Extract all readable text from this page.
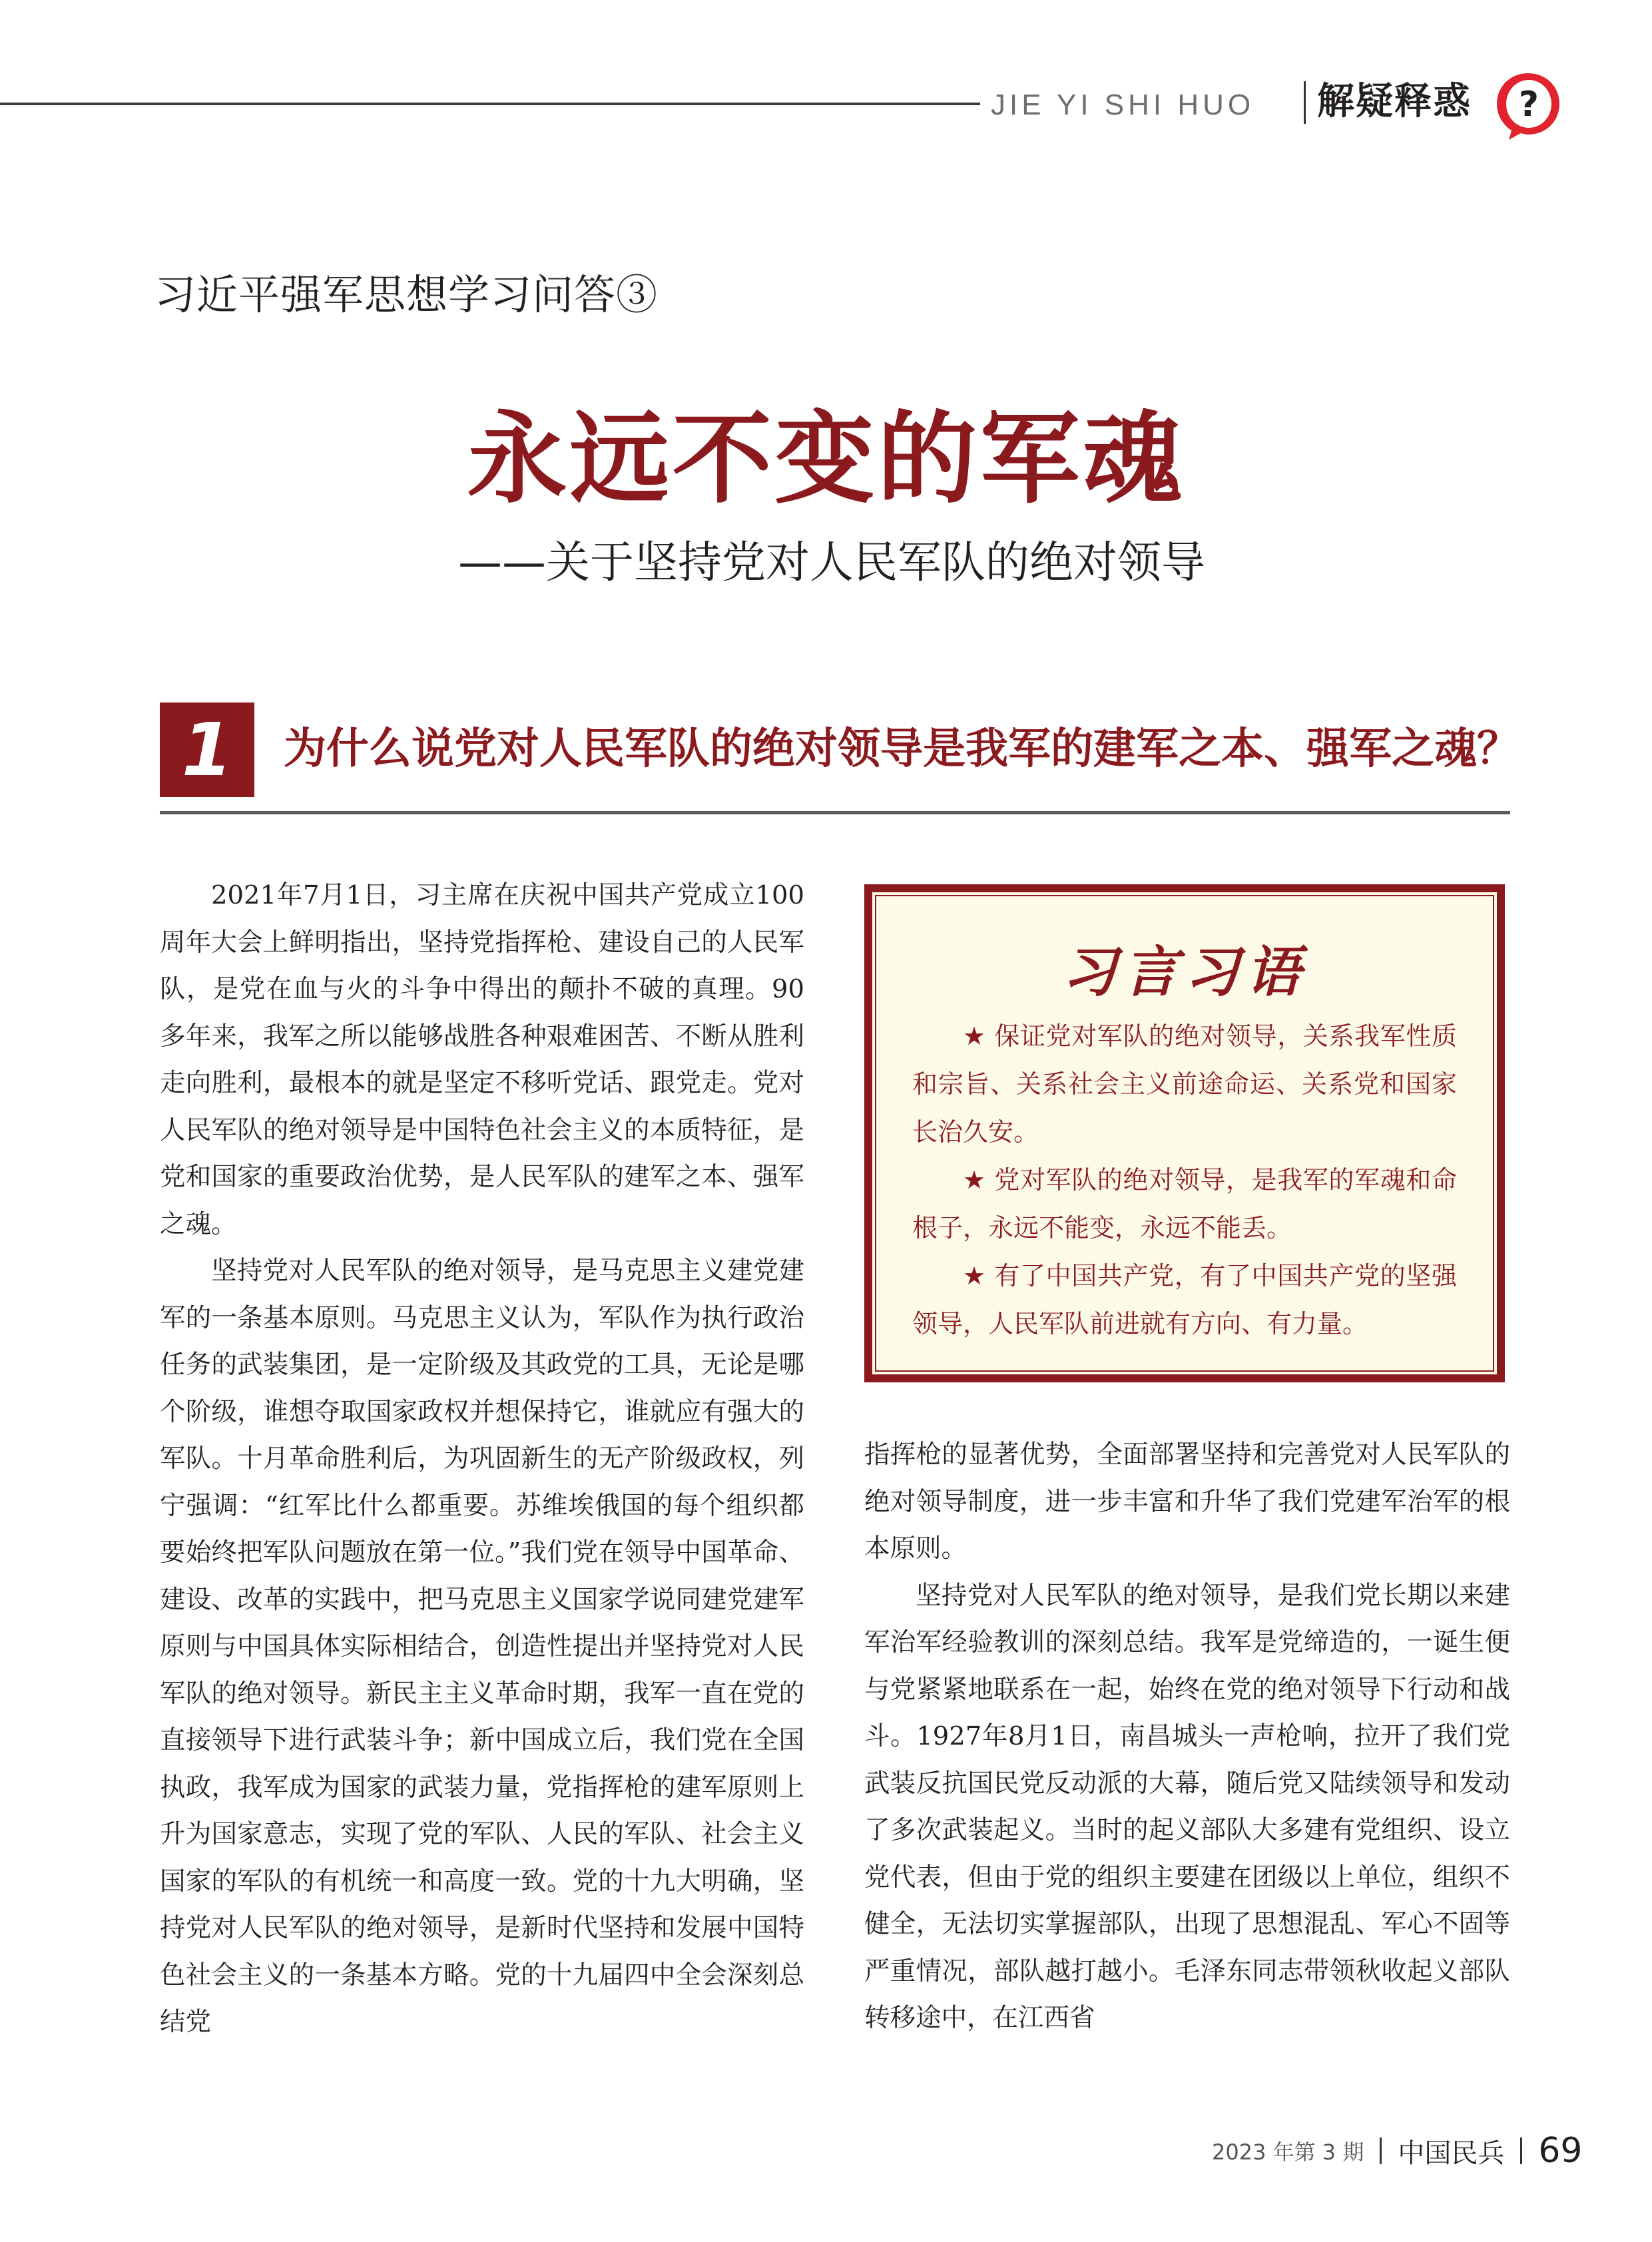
JIE YI SHI HUO 解疑释惑 ?
习近平强军思想学习问答③
永远不变的军魂
——关于坚持党对人民军队的绝对领导
1	为什么说党对人民军队的绝对领导是我军的建军之本、强军之魂？

2021年7月1日，习主席在庆祝中国共产党成立100周年大会上鲜明指出，坚持党指挥枪、建设自己的人民军队，是党在血与火的斗争中得出的颠扑不破的真理。90多年来，我军之所以能够战胜各种艰难困苦、不断从胜利走向胜利，最根本的就是坚定不移听党话、跟党走。党对人民军队的绝对领导是中国特色社会主义的本质特征，是党和国家的重要政治优势，是人民军队的建军之本、强军之魂。

坚持党对人民军队的绝对领导，是马克思主义建党建军的一条基本原则。马克思主义认为，军队作为执行政治任务的武装集团，是一定阶级及其政党的工具，无论是哪个阶级，谁想夺取国家政权并想保持它，谁就应有强大的军队。十月革命胜利后，为巩固新生的无产阶级政权，列宁强调：“红军比什么都重要。苏维埃俄国的每个组织都要始终把军队问题放在第一位。”我们党在领导中国革命、建设、改革的实践中，把马克思主义国家学说同建党建军原则与中国具体实际相结合，创造性提出并坚持党对人民军队的绝对领导。新民主主义革命时期，我军一直在党的直接领导下进行武装斗争；新中国成立后，我们党在全国执政，我军成为国家的武装力量，党指挥枪的建军原则上升为国家意志，实现了党的军队、人民的军队、社会主义国家的军队的有机统一和高度一致。党的十九大明确，坚持党对人民军队的绝对领导，是新时代坚持和发展中国特色社会主义的一条基本方略。党的十九届四中全会深刻总结党

习言习语

★ 保证党对军队的绝对领导，关系我军性质和宗旨、关系社会主义前途命运、关系党和国家长治久安。

★ 党对军队的绝对领导，是我军的军魂和命根子，永远不能变，永远不能丢。

★ 有了中国共产党，有了中国共产党的坚强领导，人民军队前进就有方向、有力量。

指挥枪的显著优势，全面部署坚持和完善党对人民军队的绝对领导制度，进一步丰富和升华了我们党建军治军的根本原则。

坚持党对人民军队的绝对领导，是我们党长期以来建军治军经验教训的深刻总结。我军是党缔造的，一诞生便与党紧紧地联系在一起，始终在党的绝对领导下行动和战斗。1927年8月1日，南昌城头一声枪响，拉开了我们党武装反抗国民党反动派的大幕，随后党又陆续领导和发动了多次武装起义。当时的起义部队大多建有党组织、设立党代表，但由于党的组织主要建在团级以上单位，组织不健全，无法切实掌握部队，出现了思想混乱、军心不固等严重情况，部队越打越小。毛泽东同志带领秋收起义部队转移途中，在江西省

2023 年第 3 期 中国民兵 69
